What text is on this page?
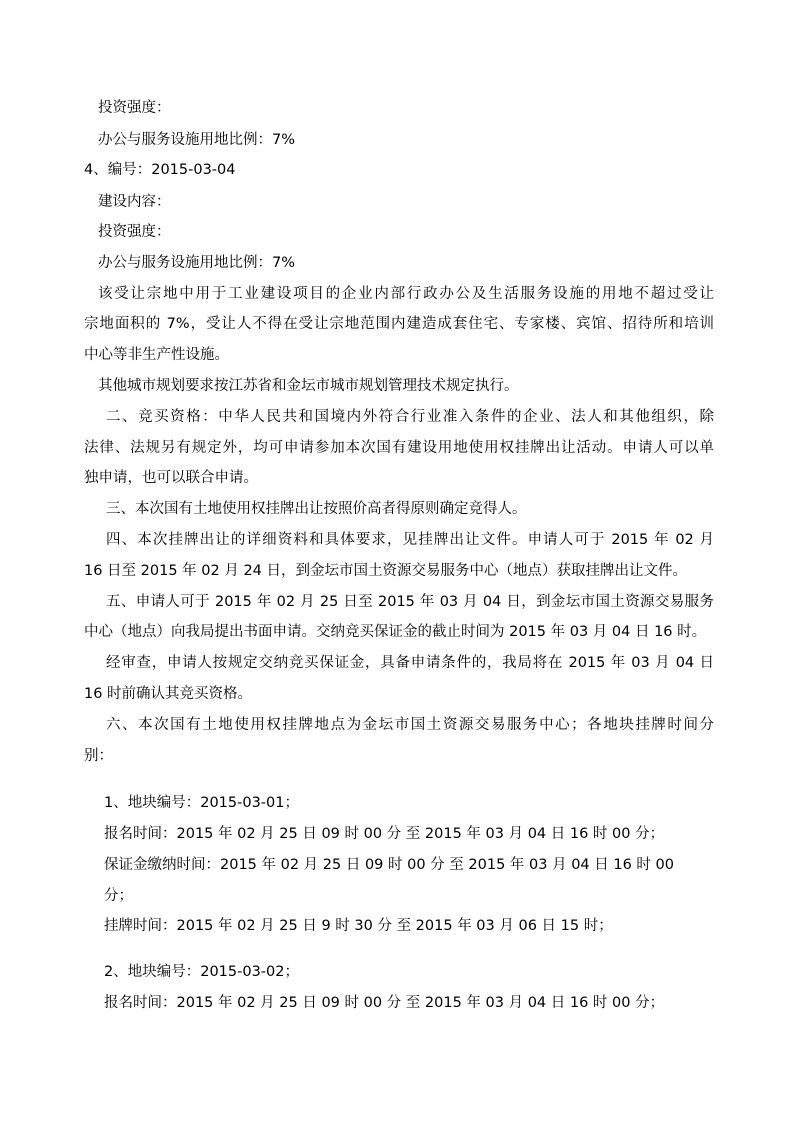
投资强度：

办公与服务设施用地比例：7%

4、编号：2015-03-04

建设内容：

投资强度：

办公与服务设施用地比例：7%

该受让宗地中用于工业建设项目的企业内部行政办公及生活服务设施的用地不超过受让

宗地面积的 7%，受让人不得在受让宗地范围内建造成套住宅、专家楼、宾馆、招待所和培训

中心等非生产性设施。

其他城市规划要求按江苏省和金坛市城市规划管理技术规定执行。

二、竞买资格：中华人民共和国境内外符合行业准入条件的企业、法人和其他组织，除

法律、法规另有规定外，均可申请参加本次国有建设用地使用权挂牌出让活动。申请人可以单

独申请，也可以联合申请。

三、本次国有土地使用权挂牌出让按照价高者得原则确定竞得人。

四、本次挂牌出让的详细资料和具体要求，见挂牌出让文件。申请人可于 2015 年 02 月

16 日至 2015 年 02 月 24 日，到金坛市国土资源交易服务中心（地点）获取挂牌出让文件。

五、申请人可于 2015 年 02 月 25 日至 2015 年 03 月 04 日，到金坛市国土资源交易服务

中心（地点）向我局提出书面申请。交纳竞买保证金的截止时间为 2015 年 03 月 04 日 16 时。

经审查，申请人按规定交纳竞买保证金，具备申请条件的，我局将在 2015 年 03 月 04 日

16 时前确认其竞买资格。

六、本次国有土地使用权挂牌地点为金坛市国土资源交易服务中心；各地块挂牌时间分

别：

1、地块编号：2015-03-01；

报名时间：2015 年 02 月 25 日 09 时 00 分 至 2015 年 03 月 04 日 16 时 00 分；

保证金缴纳时间：2015 年 02 月 25 日 09 时 00 分 至 2015 年 03 月 04 日 16 时 00

分；

挂牌时间：2015 年 02 月 25 日 9 时 30 分 至 2015 年 03 月 06 日 15 时；

2、地块编号：2015-03-02；

报名时间：2015 年 02 月 25 日 09 时 00 分 至 2015 年 03 月 04 日 16 时 00 分；
